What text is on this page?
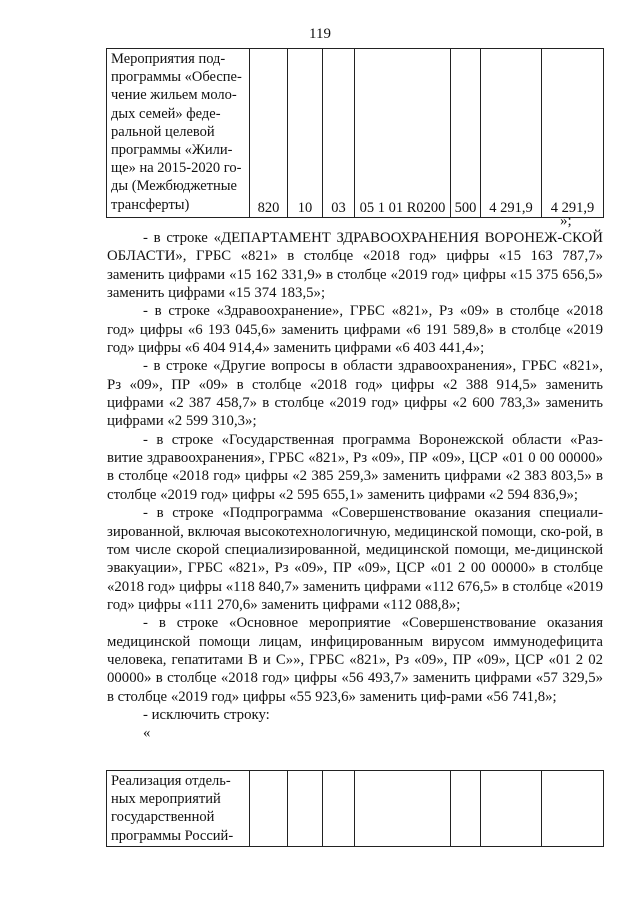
119
Мероприятия под-программы «Обеспе-чение жильем моло-дых семей» феде-ральной целевой программы «Жили-ще» на 2015-2020 го-ды (Межбюджетные трансферты)	820	10	03	05 1 01 R0200	500	4 291,9	4 291,9
»;

- в строке «ДЕПАРТАМЕНТ ЗДРАВООХРАНЕНИЯ ВОРОНЕЖ-СКОЙ ОБЛАСТИ», ГРБС «821» в столбце «2018 год» цифры «15 163 787,7» заменить цифрами «15 162 331,9» в столбце «2019 год» цифры «15 375 656,5» заменить цифрами «15 374 183,5»;

- в строке «Здравоохранение», ГРБС «821», Рз «09» в столбце «2018 год» цифры «6 193 045,6» заменить цифрами «6 191 589,8» в столбце «2019 год» цифры «6 404 914,4» заменить цифрами «6 403 441,4»;

- в строке «Другие вопросы в области здравоохранения», ГРБС «821», Рз «09», ПР «09» в столбце «2018 год» цифры «2 388 914,5» заменить цифрами «2 387 458,7» в столбце «2019 год» цифры «2 600 783,3» заменить цифрами «2 599 310,3»;

- в строке «Государственная программа Воронежской области «Раз-витие здравоохранения», ГРБС «821», Рз «09», ПР «09», ЦСР «01 0 00 00000» в столбце «2018 год» цифры «2 385 259,3» заменить цифрами «2 383 803,5» в столбце «2019 год» цифры «2 595 655,1» заменить цифрами «2 594 836,9»;

- в строке «Подпрограмма «Совершенствование оказания специали-зированной, включая высокотехнологичную, медицинской помощи, ско-рой, в том числе скорой специализированной, медицинской помощи, ме-дицинской эвакуации», ГРБС «821», Рз «09», ПР «09», ЦСР «01 2 00 00000» в столбце «2018 год» цифры «118 840,7» заменить цифрами «112 676,5» в столбце «2019 год» цифры «111 270,6» заменить цифрами «112 088,8»;

- в строке «Основное мероприятие «Совершенствование оказания медицинской помощи лицам, инфицированным вирусом иммунодефицита человека, гепатитами В и С»», ГРБС «821», Рз «09», ПР «09», ЦСР «01 2 02 00000» в столбце «2018 год» цифры «56 493,7» заменить цифрами «57 329,5» в столбце «2019 год» цифры «55 923,6» заменить циф-рами «56 741,8»;

- исключить строку:

«

Реализация отдель-ных мероприятий государственной программы Россий-							
